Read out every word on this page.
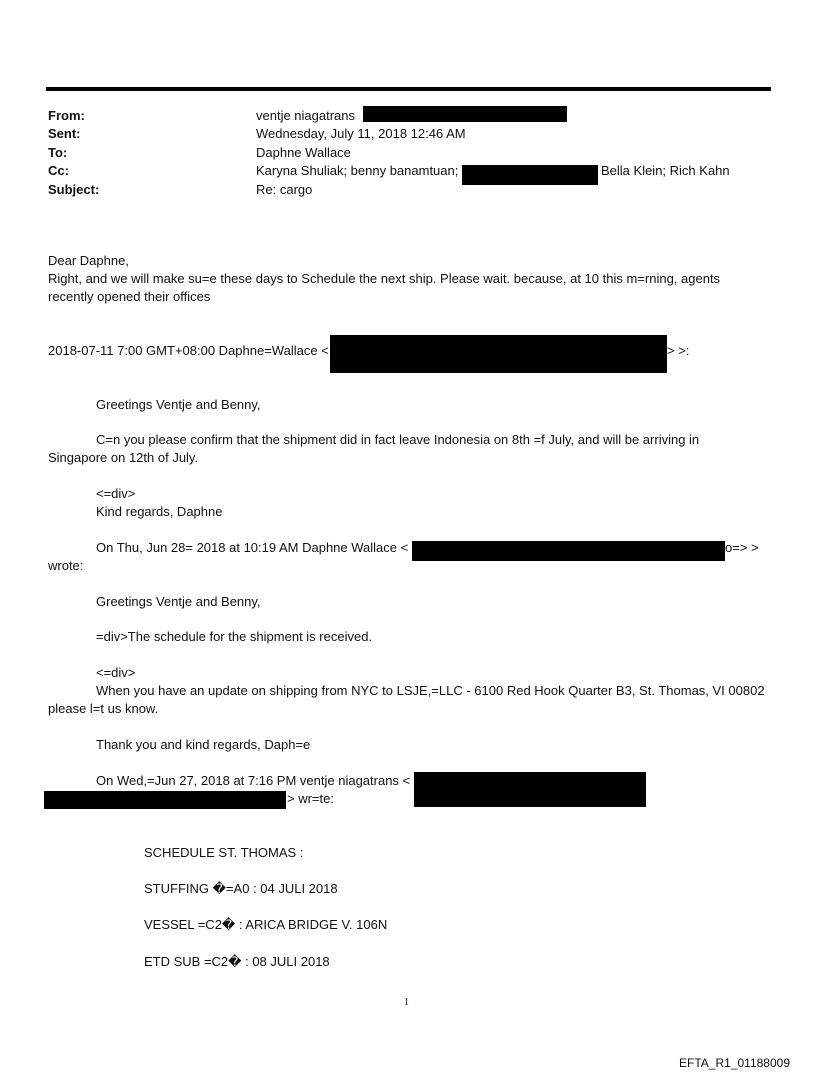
From:	ventje niagatrans
Sent:	Wednesday, July 11, 2018 12:46 AM
To:	Daphne Wallace
Cc:	Karyna Shuliak; benny banamtuan;	Bella Klein; Rich Kahn
Subject:	Re: cargo
Dear Daphne,
Right, and we will make su=e these days to Schedule the next ship. Please wait. because, at 10 this m=rning, agents
recently opened their offices
2018-07-11 7:00 GMT+08:00 Daphne=Wallace <	> >:
Greetings Ventje and Benny,
C=n you please confirm that the shipment did in fact leave Indonesia on 8th =f July, and will be arriving in
Singapore on 12th of July.
<=div>
Kind regards, Daphne
On Thu, Jun 28= 2018 at 10:19 AM Daphne Wallace <	o=> >
wrote:
Greetings Ventje and Benny,
=div>The schedule for the shipment is received.
<=div>
When you have an update on shipping from NYC to LSJE,=LLC - 6100 Red Hook Quarter B3, St. Thomas, VI 00802
please l=t us know.
Thank you and kind regards, Daph=e
On Wed,=Jun 27, 2018 at 7:16 PM ventje niagatrans <
> wr=te:
SCHEDULE ST. THOMAS :
STUFFING �=A0 : 04 JULI 2018
VESSEL =C2� : ARICA BRIDGE V. 106N
ETD SUB =C2� : 08 JULI 2018
1
EFTA_R1_01188009
